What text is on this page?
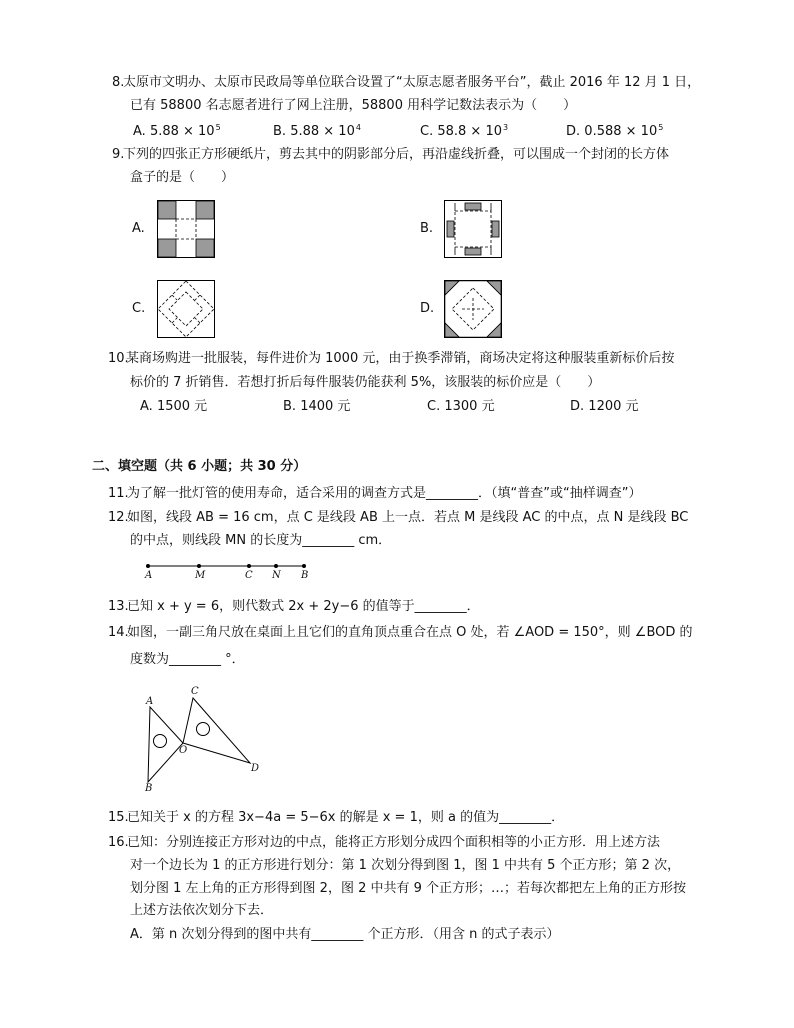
8.
太原市文明办、太原市民政局等单位联合设置了“太原志愿者服务平台”，截止 2016 年 12 月 1 日，
已有 58800 名志愿者进行了网上注册，58800 用科学记数法表示为（　　）
A. $5.88 \times 10^5$	B. $5.88 \times 10^4$	C. $58.8 \times 10^3$	D. $0.588 \times 10^5$
9.
下列的四张正方形硬纸片，剪去其中的阴影部分后，再沿虚线折叠，可以围成一个封闭的长方体
盒子的是（　　）
A.	B.
C.	D.
10.
某商场购进一批服装，每件进价为 1000 元，由于换季滞销，商场决定将这种服装重新标价后按
标价的 7 折销售．若想打折后每件服装仍能获利 5%，该服装的标价应是（　　）
A. 1500 元	B. 1400 元	C. 1300 元	D. 1200 元
二、填空题（共 6 小题；共 30 分）
11.
为了解一批灯管的使用寿命，适合采用的调查方式是________．（填“普查”或“抽样调查”）
12.
如图，线段 AB = 16 cm，点 C 是线段 AB 上一点．若点 M 是线段 AC 的中点，点 N 是线段 BC
的中点，则线段 MN 的长度为________ cm．
A	M	C N B
13.
已知 x + y = 6，则代数式 2x + 2y−6 的值等于________．
14.
如图，一副三角尺放在桌面上且它们的直角顶点重合在点 O 处，若 ∠AOD = 150°，则 ∠BOD 的
度数为________ °．
A
B
C
D
O
15.
已知关于 x 的方程 3x−4a = 5−6x 的解是 x = 1，则 a 的值为________．
16.
已知：分别连接正方形对边的中点，能将正方形划分成四个面积相等的小正方形．用上述方法
对一个边长为 1 的正方形进行划分：第 1 次划分得到图 1，图 1 中共有 5 个正方形；第 2 次，
划分图 1 左上角的正方形得到图 2，图 2 中共有 9 个正方形；…；若每次都把左上角的正方形按
上述方法依次划分下去．
A．第 n 次划分得到的图中共有________ 个正方形．（用含 n 的式子表示）
